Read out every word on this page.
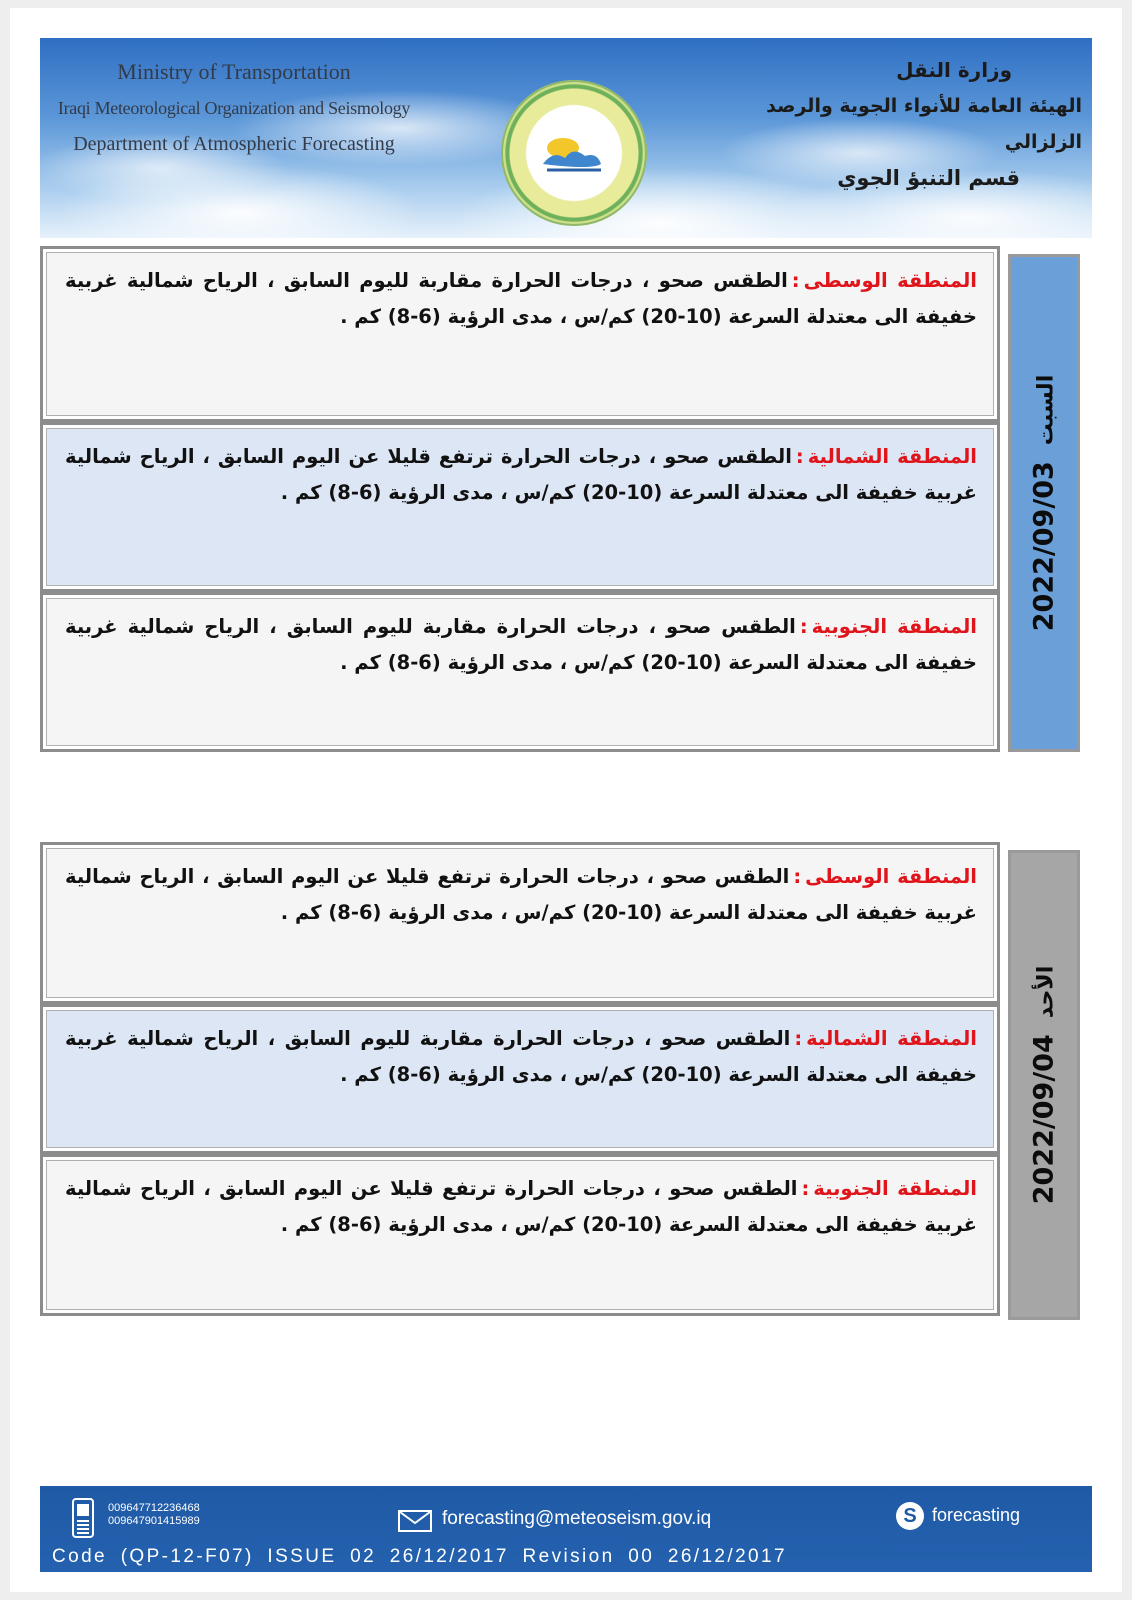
Ministry of Transportation
Iraqi Meteorological Organization and Seismology
Department of Atmospheric Forecasting
وزارة النقل
الهيئة العامة للأنواء الجوية والرصد الزلزالي
قسم التنبؤ الجوي
المنطقة الوسطى:الطقس صحو ، درجات الحرارة مقاربة لليوم السابق ، الرياح شمالية غربية خفيفة الى معتدلة السرعة (10-20) كم/س ، مدى الرؤية (6-8) كم .
المنطقة الشمالية:الطقس صحو ، درجات الحرارة ترتفع قليلا عن اليوم السابق ، الرياح شمالية غربية خفيفة الى معتدلة السرعة (10-20) كم/س ، مدى الرؤية (6-8) كم .
المنطقة الجنوبية:الطقس صحو ، درجات الحرارة مقاربة لليوم السابق ، الرياح شمالية غربية خفيفة الى معتدلة السرعة (10-20) كم/س ، مدى الرؤية (6-8) كم .
السبت2022/09/03
المنطقة الوسطى:الطقس صحو ، درجات الحرارة ترتفع قليلا عن اليوم السابق ، الرياح شمالية غربية خفيفة الى معتدلة السرعة (10-20) كم/س ، مدى الرؤية (6-8) كم .
المنطقة الشمالية:الطقس صحو ، درجات الحرارة مقاربة لليوم السابق ، الرياح شمالية غربية خفيفة الى معتدلة السرعة (10-20) كم/س ، مدى الرؤية (6-8) كم .
المنطقة الجنوبية:الطقس صحو ، درجات الحرارة ترتفع قليلا عن اليوم السابق ، الرياح شمالية غربية خفيفة الى معتدلة السرعة (10-20) كم/س ، مدى الرؤية (6-8) كم .
الأحد2022/09/04
009647712236468
009647901415989	forecasting@meteoseism.gov.iq	S forecasting
Code (QP-12-F07) ISSUE 02 26/12/2017 Revision 00 26/12/2017
